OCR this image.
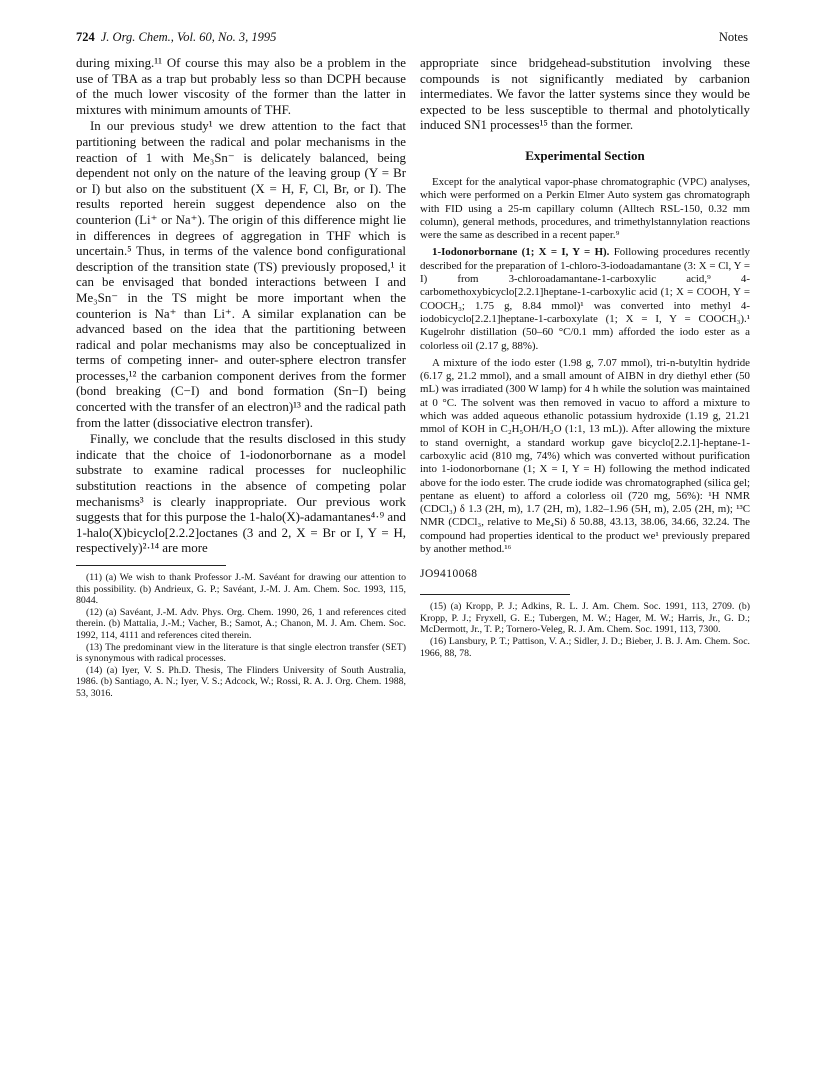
724 J. Org. Chem., Vol. 60, No. 3, 1995	Notes

during mixing.¹¹ Of course this may also be a problem in the use of TBA as a trap but probably less so than DCPH because of the much lower viscosity of the former than the latter in mixtures with minimum amounts of THF.

In our previous study¹ we drew attention to the fact that partitioning between the radical and polar mechanisms in the reaction of 1 with Me₃Sn⁻ is delicately balanced, being dependent not only on the nature of the leaving group (Y = Br or I) but also on the substituent (X = H, F, Cl, Br, or I). The results reported herein suggest dependence also on the counterion (Li⁺ or Na⁺). The origin of this difference might lie in differences in degrees of aggregation in THF which is uncertain.⁵ Thus, in terms of the valence bond configurational description of the transition state (TS) previously proposed,¹ it can be envisaged that bonded interactions between I and Me₃Sn⁻ in the TS might be more important when the counterion is Na⁺ than Li⁺. A similar explanation can be advanced based on the idea that the partitioning between radical and polar mechanisms may also be conceptualized in terms of competing inner- and outer-sphere electron transfer processes,¹² the carbanion component derives from the former (bond breaking (C−I) and bond formation (Sn−I) being concerted with the transfer of an electron)¹³ and the radical path from the latter (dissociative electron transfer).

Finally, we conclude that the results disclosed in this study indicate that the choice of 1-iodonorbornane as a model substrate to examine radical processes for nucleophilic substitution reactions in the absence of competing polar mechanisms³ is clearly inappropriate. Our previous work suggests that for this purpose the 1-halo(X)-adamantanes⁴·⁹ and 1-halo(X)bicyclo[2.2.2]octanes (3 and 2, X = Br or I, Y = H, respectively)²·¹⁴ are more

(11) (a) We wish to thank Professor J.-M. Savéant for drawing our attention to this possibility. (b) Andrieux, G. P.; Savéant, J.-M. J. Am. Chem. Soc. 1993, 115, 8044.

(12) (a) Savéant, J.-M. Adv. Phys. Org. Chem. 1990, 26, 1 and references cited therein. (b) Mattalia, J.-M.; Vacher, B.; Samot, A.; Chanon, M. J. Am. Chem. Soc. 1992, 114, 4111 and references cited therein.

(13) The predominant view in the literature is that single electron transfer (SET) is synonymous with radical processes.

(14) (a) Iyer, V. S. Ph.D. Thesis, The Flinders University of South Australia, 1986. (b) Santiago, A. N.; Iyer, V. S.; Adcock, W.; Rossi, R. A. J. Org. Chem. 1988, 53, 3016.

appropriate since bridgehead-substitution involving these compounds is not significantly mediated by carbanion intermediates. We favor the latter systems since they would be expected to be less susceptible to thermal and photolytically induced SN1 processes¹⁵ than the former.

Experimental Section

Except for the analytical vapor-phase chromatographic (VPC) analyses, which were performed on a Perkin Elmer Auto system gas chromatograph with FID using a 25-m capillary column (Alltech RSL-150, 0.32 mm column), general methods, procedures, and trimethylstannylation reactions were the same as described in a recent paper.⁹

1-Iodonorbornane (1; X = I, Y = H). Following procedures recently described for the preparation of 1-chloro-3-iodoadamantane (3: X = Cl, Y = I) from 3-chloroadamantane-1-carboxylic acid,⁹ 4-carbomethoxybicyclo[2.2.1]heptane-1-carboxylic acid (1; X = COOH, Y = COOCH₃; 1.75 g, 8.84 mmol)¹ was converted into methyl 4-iodobicyclo[2.2.1]heptane-1-carboxylate (1; X = I, Y = COOCH₃).¹ Kugelrohr distillation (50–60 °C/0.1 mm) afforded the iodo ester as a colorless oil (2.17 g, 88%).

A mixture of the iodo ester (1.98 g, 7.07 mmol), tri-n-butyltin hydride (6.17 g, 21.2 mmol), and a small amount of AIBN in dry diethyl ether (50 mL) was irradiated (300 W lamp) for 4 h while the solution was maintained at 0 °C. The solvent was then removed in vacuo to afford a mixture to which was added aqueous ethanolic potassium hydroxide (1.19 g, 21.21 mmol of KOH in C₂H₅OH/H₂O (1:1, 13 mL)). After allowing the mixture to stand overnight, a standard workup gave bicyclo[2.2.1]-heptane-1-carboxylic acid (810 mg, 74%) which was converted without purification into 1-iodonorbornane (1; X = I, Y = H) following the method indicated above for the iodo ester. The crude iodide was chromatographed (silica gel; pentane as eluent) to afford a colorless oil (720 mg, 56%): ¹H NMR (CDCl₃) δ 1.3 (2H, m), 1.7 (2H, m), 1.82–1.96 (5H, m), 2.05 (2H, m); ¹³C NMR (CDCl₃, relative to Me₄Si) δ 50.88, 43.13, 38.06, 34.66, 32.24. The compound had properties identical to the product we¹ previously prepared by another method.¹⁶

JO9410068

(15) (a) Kropp, P. J.; Adkins, R. L. J. Am. Chem. Soc. 1991, 113, 2709. (b) Kropp, P. J.; Fryxell, G. E.; Tubergen, M. W.; Hager, M. W.; Harris, Jr., G. D.; McDermott, Jr., T. P.; Tornero-Veleg, R. J. Am. Chem. Soc. 1991, 113, 7300.

(16) Lansbury, P. T.; Pattison, V. A.; Sidler, J. D.; Bieber, J. B. J. Am. Chem. Soc. 1966, 88, 78.
